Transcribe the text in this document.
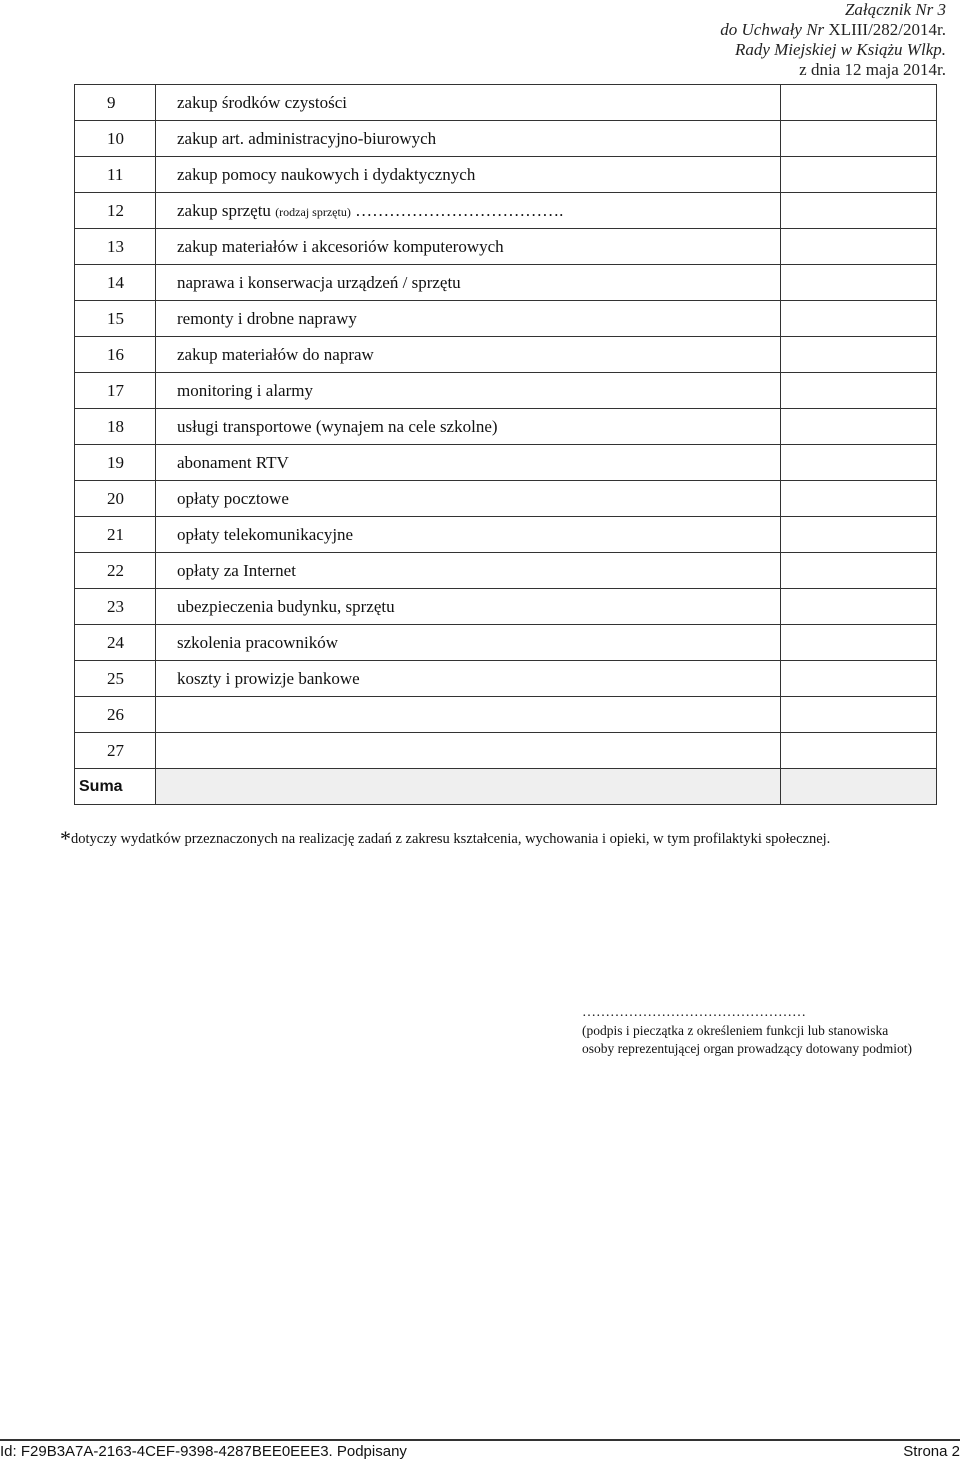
Załącznik Nr 3
do Uchwały Nr XLIII/282/2014r.
Rady Miejskiej w Książu Wlkp.
z dnia 12 maja 2014r.
9	zakup środków czystości	
10	zakup art. administracyjno-biurowych	
11	zakup pomocy naukowych i dydaktycznych	
12	zakup sprzętu (rodzaj sprzętu) ……………………………….	
13	zakup materiałów i akcesoriów komputerowych	
14	naprawa i konserwacja urządzeń / sprzętu	
15	remonty i drobne naprawy	
16	zakup materiałów do napraw	
17	monitoring i alarmy	
18	usługi transportowe (wynajem na cele szkolne)	
19	abonament RTV	
20	opłaty pocztowe	
21	opłaty telekomunikacyjne	
22	opłaty za Internet	
23	ubezpieczenia budynku, sprzętu	
24	szkolenia pracowników	
25	koszty i prowizje bankowe	
26		
27		
Suma		
*dotyczy wydatków przeznaczonych na realizację zadań z zakresu kształcenia, wychowania i opieki, w tym profilaktyki społecznej.
…………………………………………
(podpis i pieczątka z określeniem funkcji lub stanowiska
osoby reprezentującej organ prowadzący dotowany podmiot)
Id: F29B3A7A-2163-4CEF-9398-4287BEE0EEE3. Podpisany	Strona 2
